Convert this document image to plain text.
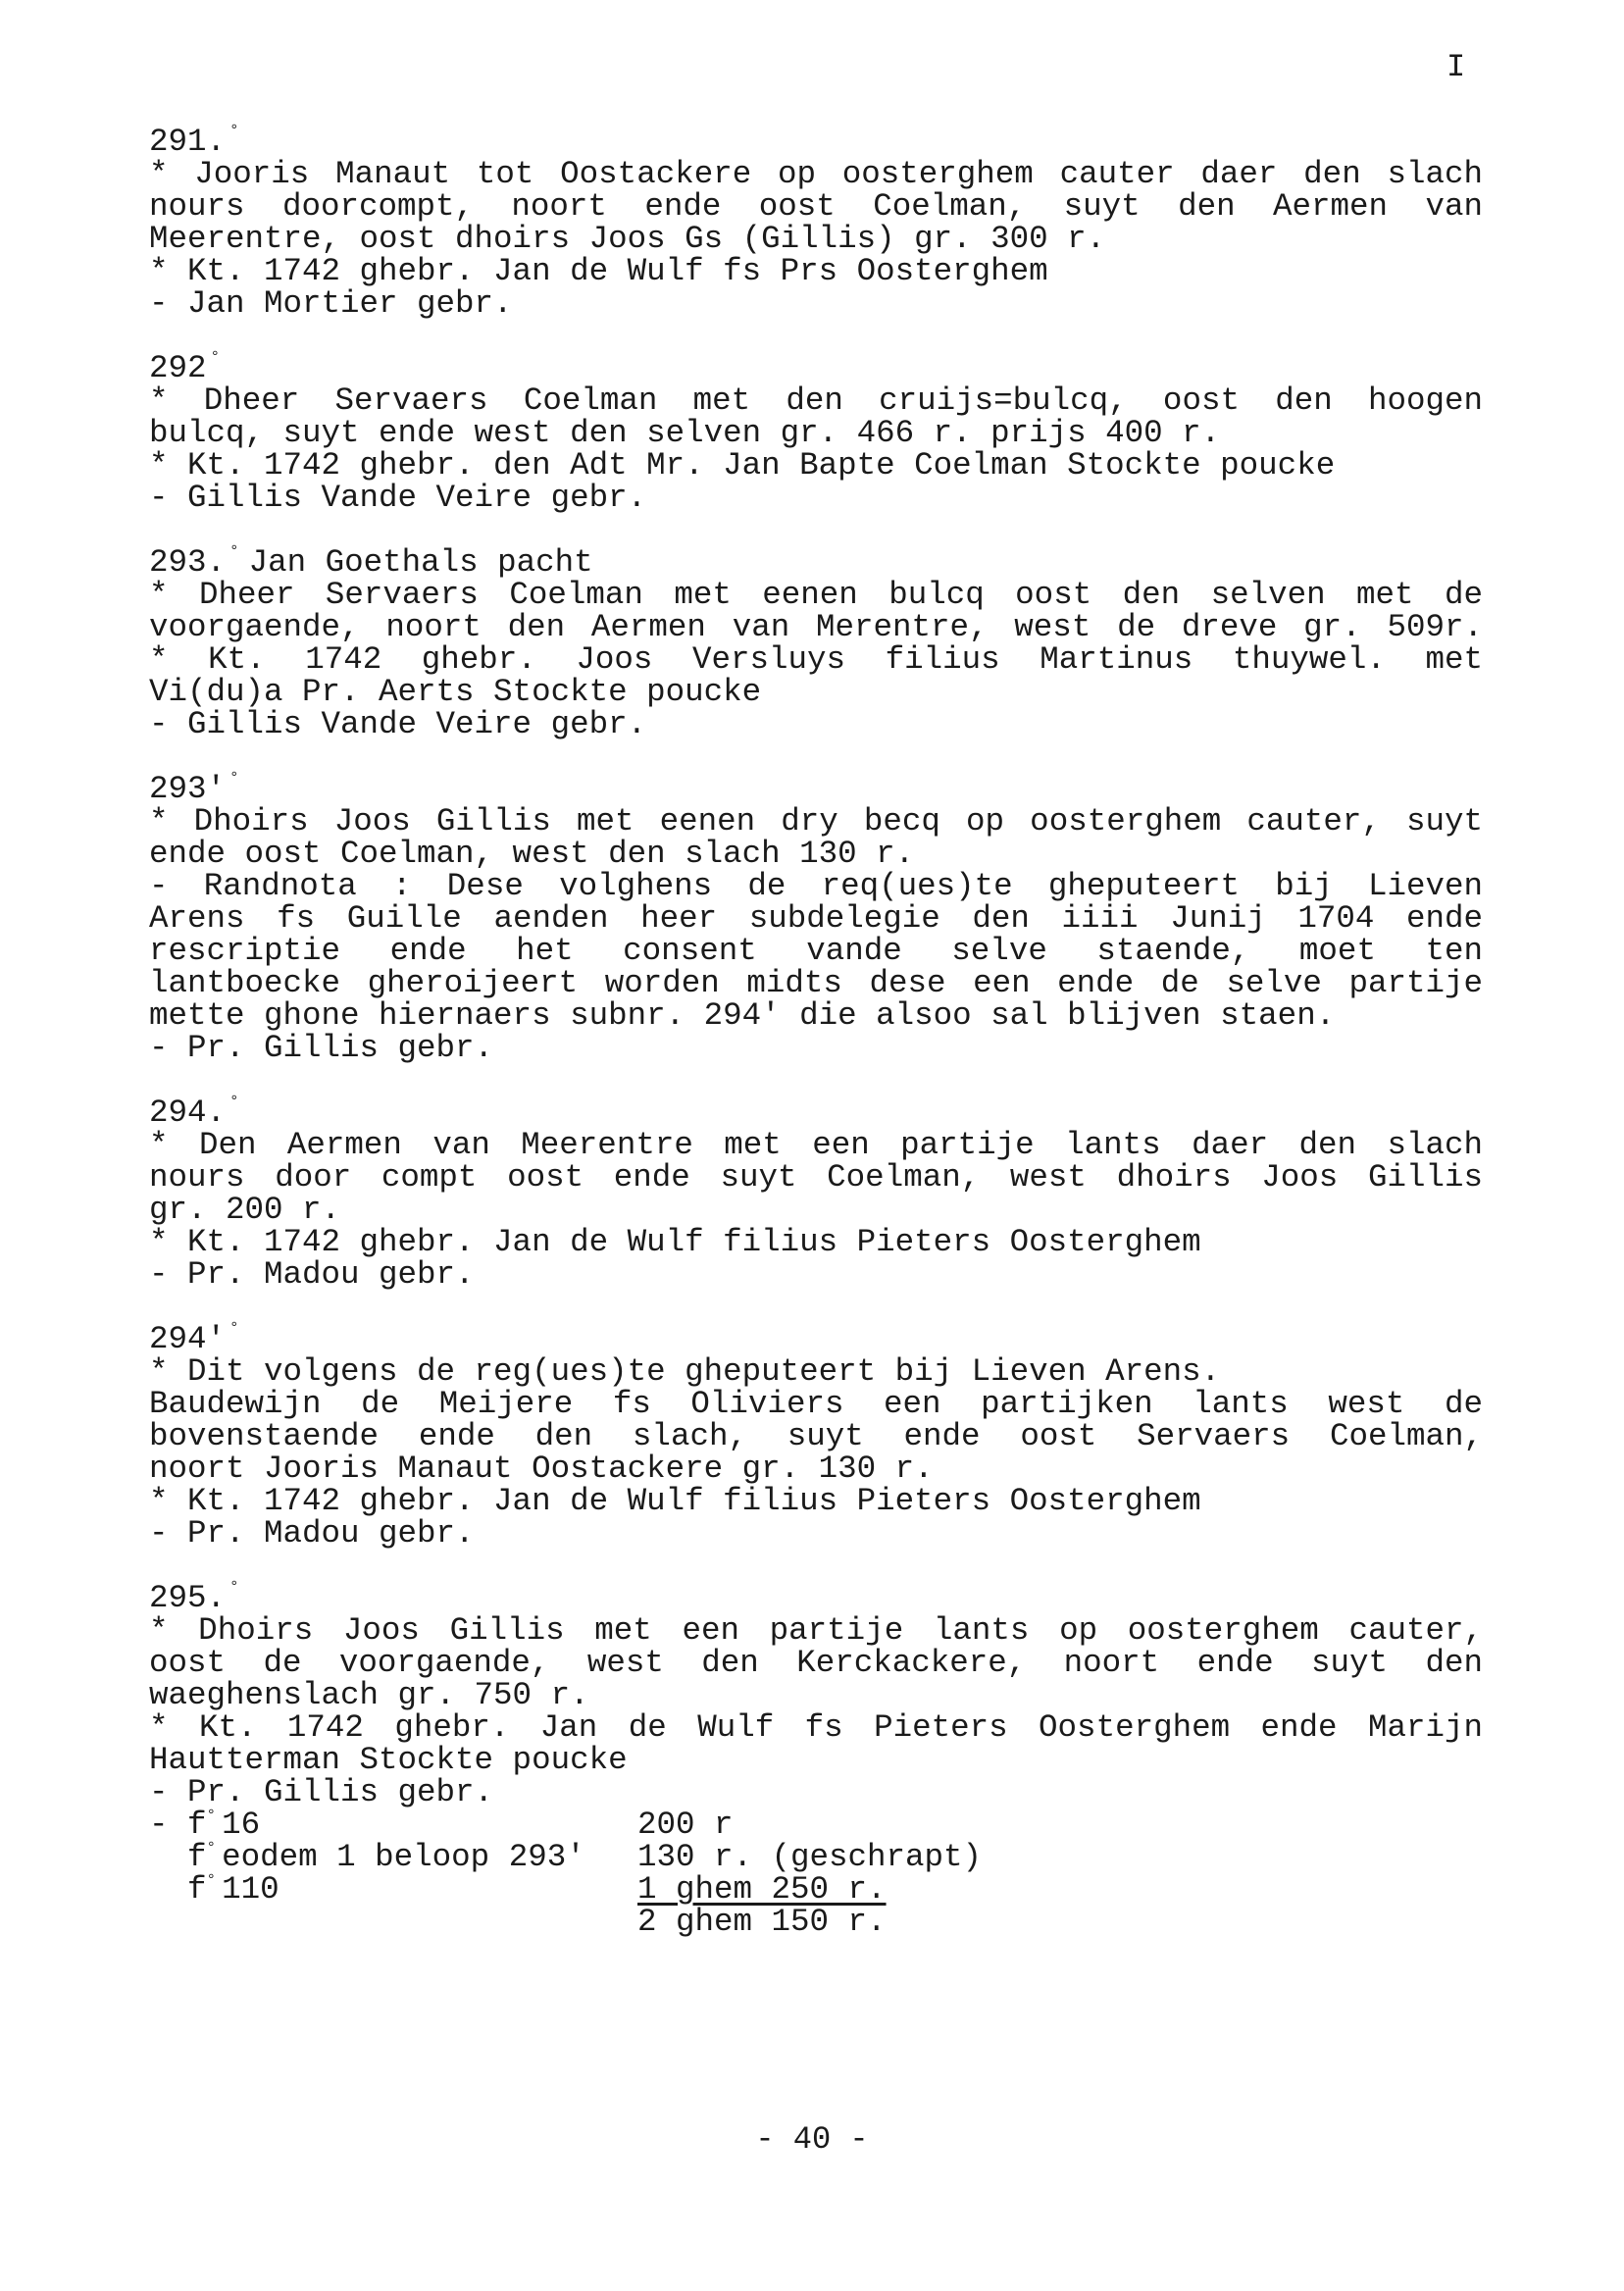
I
291. °
* Jooris Manaut tot Oostackere op oosterghem cauter daer den slach
nours doorcompt, noort ende oost Coelman, suyt den Aermen van
Meerentre, oost dhoirs Joos Gs (Gillis) gr. 300 r.
* Kt. 1742 ghebr. Jan de Wulf fs Prs Oosterghem
- Jan Mortier gebr.
292 °
* Dheer Servaers Coelman met den cruijs=bulcq, oost den hoogen
bulcq, suyt ende west den selven gr. 466 r. prijs 400 r.
* Kt. 1742 ghebr. den Adt Mr. Jan Bapte Coelman Stockte poucke
- Gillis Vande Veire gebr.
293. ° Jan Goethals pacht
* Dheer Servaers Coelman met eenen bulcq oost den selven met de
voorgaende, noort den Aermen van Merentre, west de dreve gr. 509r.
* Kt. 1742 ghebr. Joos Versluys filius Martinus thuywel. met
Vi(du)a Pr. Aerts Stockte poucke
- Gillis Vande Veire gebr.
293' °
* Dhoirs Joos Gillis met eenen dry becq op oosterghem cauter, suyt
ende oost Coelman, west den slach 130 r.
- Randnota : Dese volghens de req(ues)te gheputeert bij Lieven
Arens fs Guille aenden heer subdelegie den iiii Junij 1704 ende
rescriptie ende het consent vande selve staende, moet ten
lantboecke gheroijeert worden midts dese een ende de selve partije
mette ghone hiernaers subnr. 294' die alsoo sal blijven staen.
- Pr. Gillis gebr.
294. °
* Den Aermen van Meerentre met een partije lants daer den slach
nours door compt oost ende suyt Coelman, west dhoirs Joos Gillis
gr. 200 r.
* Kt. 1742 ghebr. Jan de Wulf filius Pieters Oosterghem
- Pr. Madou gebr.
294' °
* Dit volgens de reg(ues)te gheputeert bij Lieven Arens.
Baudewijn de Meijere fs Oliviers een partijken lants west de
bovenstaende ende den slach, suyt ende oost Servaers Coelman,
noort Jooris Manaut Oostackere gr. 130 r.
* Kt. 1742 ghebr. Jan de Wulf filius Pieters Oosterghem
- Pr. Madou gebr.
295. °
* Dhoirs Joos Gillis met een partije lants op oosterghem cauter,
oost de voorgaende, west den Kerckackere, noort ende suyt den
waeghenslach gr. 750 r.
* Kt. 1742 ghebr. Jan de Wulf fs Pieters Oosterghem ende Marijn
Hautterman Stockte poucke
- Pr. Gillis gebr.
- f° 16	200 r
f° eodem 1 beloop 293' 130 r. (geschrapt)
f° 110	1 ghem 250 r.
2 ghem 150 r.
- 40 -
